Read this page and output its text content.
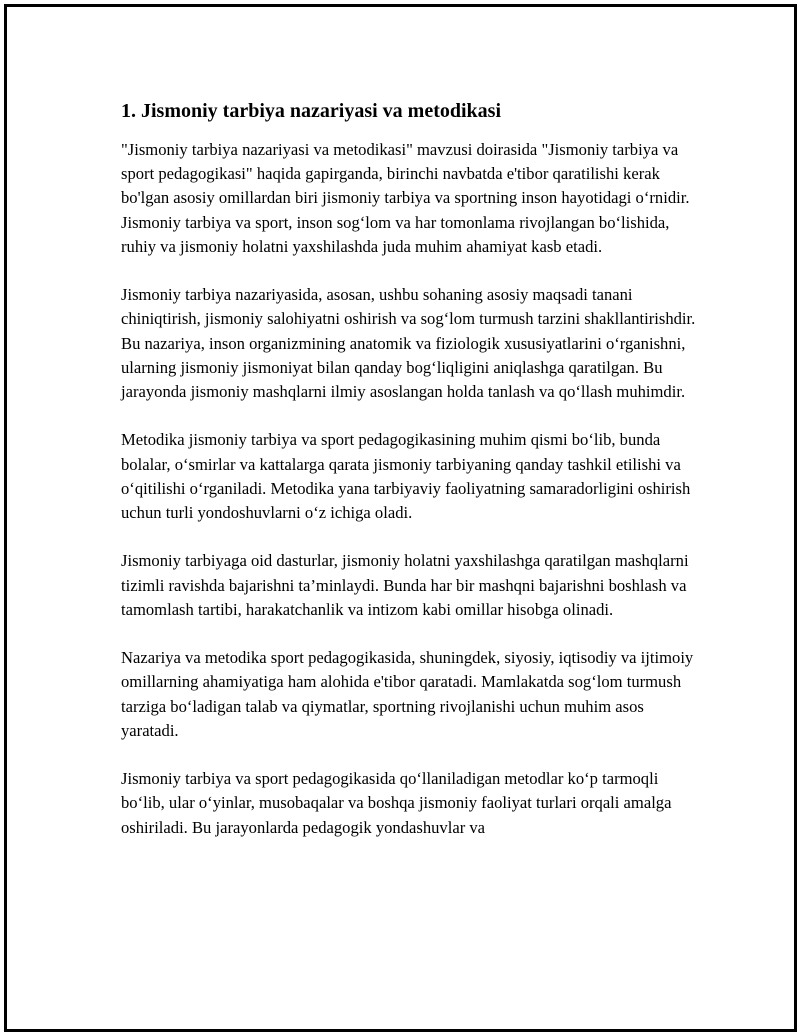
1. Jismoniy tarbiya nazariyasi va metodikasi

"Jismoniy tarbiya nazariyasi va metodikasi" mavzusi doirasida "Jismoniy tarbiya va sport pedagogikasi" haqida gapirganda, birinchi navbatda e'tibor qaratilishi kerak bo'lgan asosiy omillardan biri jismoniy tarbiya va sportning inson hayotidagi o‘rnidir. Jismoniy tarbiya va sport, inson sog‘lom va har tomonlama rivojlangan bo‘lishida, ruhiy va jismoniy holatni yaxshilashda juda muhim ahamiyat kasb etadi.

Jismoniy tarbiya nazariyasida, asosan, ushbu sohaning asosiy maqsadi tanani chiniqtirish, jismoniy salohiyatni oshirish va sog‘lom turmush tarzini shakllantirishdir. Bu nazariya, inson organizmining anatomik va fiziologik xususiyatlarini o‘rganishni, ularning jismoniy jismoniyat bilan qanday bog‘liqligini aniqlashga qaratilgan. Bu jarayonda jismoniy mashqlarni ilmiy asoslangan holda tanlash va qo‘llash muhimdir.

Metodika jismoniy tarbiya va sport pedagogikasining muhim qismi bo‘lib, bunda bolalar, o‘smirlar va kattalarga qarata jismoniy tarbiyaning qanday tashkil etilishi va o‘qitilishi o‘rganiladi. Metodika yana tarbiyaviy faoliyatning samaradorligini oshirish uchun turli yondoshuvlarni o‘z ichiga oladi.

Jismoniy tarbiyaga oid dasturlar, jismoniy holatni yaxshilashga qaratilgan mashqlarni tizimli ravishda bajarishni ta’minlaydi. Bunda har bir mashqni bajarishni boshlash va tamomlash tartibi, harakatchanlik va intizom kabi omillar hisobga olinadi.

Nazariya va metodika sport pedagogikasida, shuningdek, siyosiy, iqtisodiy va ijtimoiy omillarning ahamiyatiga ham alohida e'tibor qaratadi. Mamlakatda sog‘lom turmush tarziga bo‘ladigan talab va qiymatlar, sportning rivojlanishi uchun muhim asos yaratadi.

Jismoniy tarbiya va sport pedagogikasida qo‘llaniladigan metodlar ko‘p tarmoqli bo‘lib, ular o‘yinlar, musobaqalar va boshqa jismoniy faoliyat turlari orqali amalga oshiriladi. Bu jarayonlarda pedagogik yondashuvlar va
